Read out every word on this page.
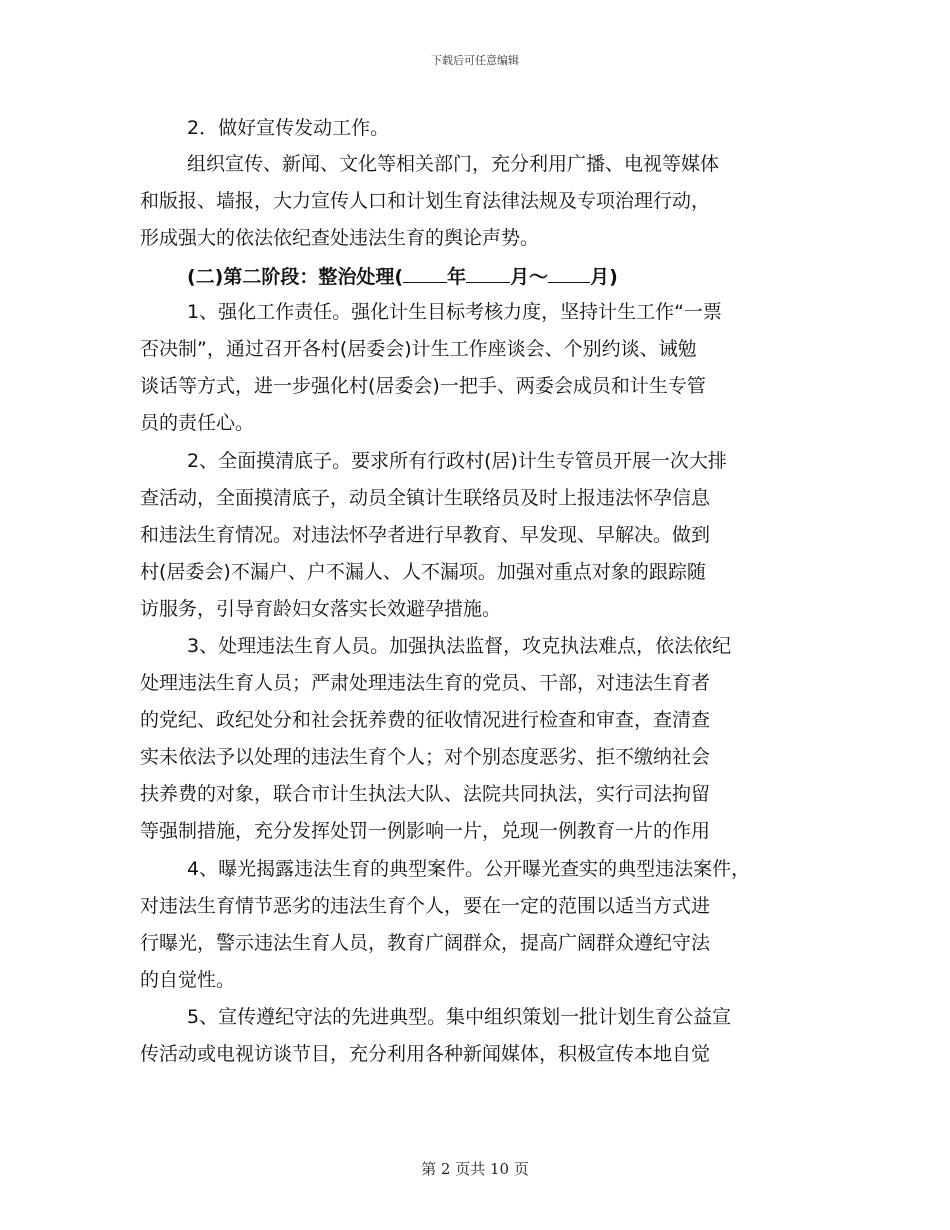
下载后可任意编辑
2．做好宣传发动工作。
组织宣传、新闻、文化等相关部门，充分利用广播、电视等媒体
和版报、墙报，大力宣传人口和计划生育法律法规及专项治理行动，
形成强大的依法依纪查处违法生育的舆论声势。
(二)第二阶段：整治处理( 年 月～ 月)
1、强化工作责任。强化计生目标考核力度，坚持计生工作“一票
否决制”，通过召开各村(居委会)计生工作座谈会、个别约谈、诫勉
谈话等方式，进一步强化村(居委会)一把手、两委会成员和计生专管
员的责任心。
2、全面摸清底子。要求所有行政村(居)计生专管员开展一次大排
查活动，全面摸清底子，动员全镇计生联络员及时上报违法怀孕信息
和违法生育情况。对违法怀孕者进行早教育、早发现、早解决。做到
村(居委会)不漏户、户不漏人、人不漏项。加强对重点对象的跟踪随
访服务，引导育龄妇女落实长效避孕措施。
3、处理违法生育人员。加强执法监督，攻克执法难点，依法依纪
处理违法生育人员；严肃处理违法生育的党员、干部，对违法生育者
的党纪、政纪处分和社会抚养费的征收情况进行检查和审查，查清查
实未依法予以处理的违法生育个人；对个别态度恶劣、拒不缴纳社会
扶养费的对象，联合市计生执法大队、法院共同执法，实行司法拘留
等强制措施，充分发挥处罚一例影响一片，兑现一例教育一片的作用
4、曝光揭露违法生育的典型案件。公开曝光查实的典型违法案件，
对违法生育情节恶劣的违法生育个人，要在一定的范围以适当方式进
行曝光，警示违法生育人员，教育广阔群众，提高广阔群众遵纪守法
的自觉性。
5、宣传遵纪守法的先进典型。集中组织策划一批计划生育公益宣
传活动或电视访谈节目，充分利用各种新闻媒体，积极宣传本地自觉
第 2 页共 10 页
